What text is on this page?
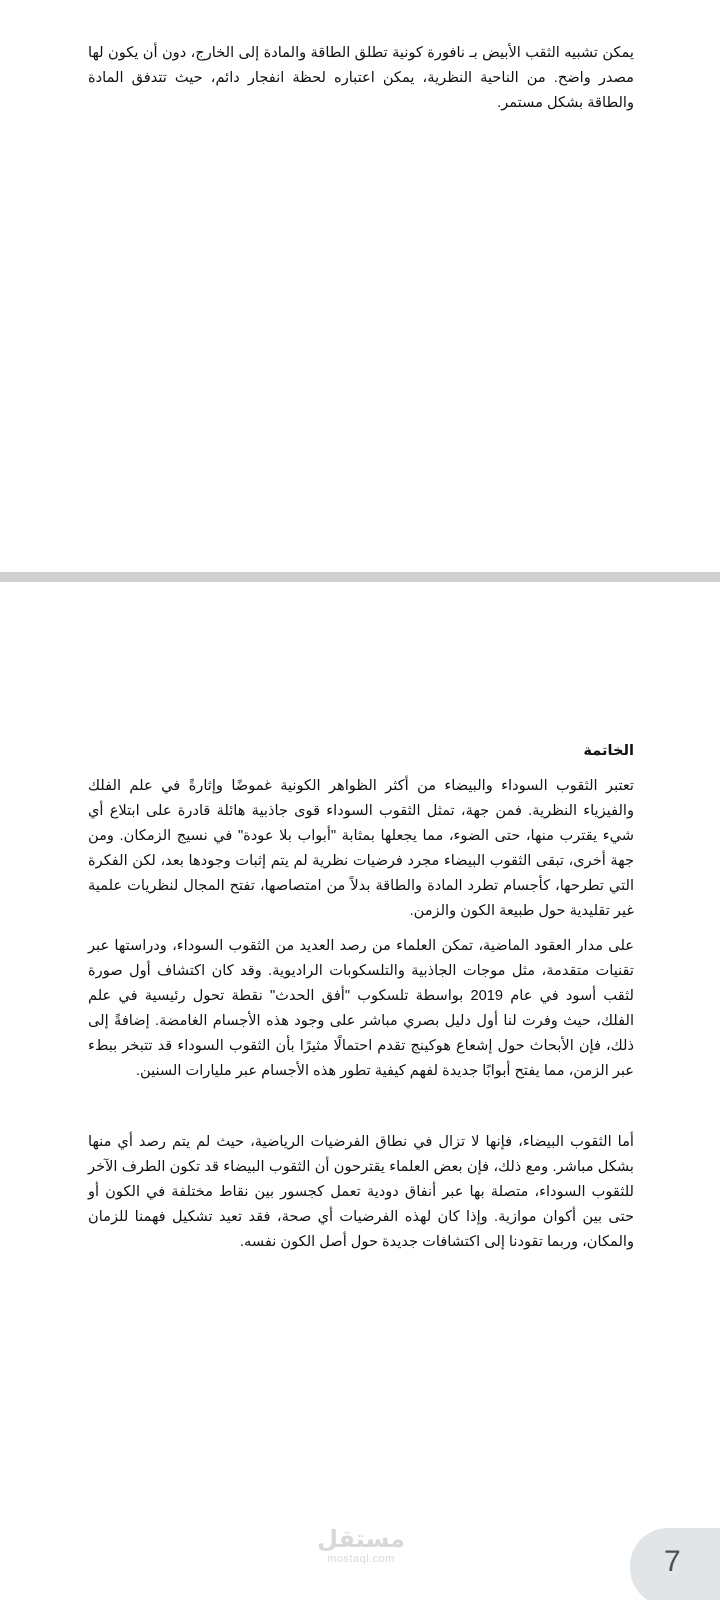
يمكن تشبيه الثقب الأبيض بـ نافورة كونية تطلق الطاقة والمادة إلى الخارج، دون أن يكون لها مصدر واضح. من الناحية النظرية، يمكن اعتباره لحظة انفجار دائم، حيث تتدفق المادة والطاقة بشكل مستمر.

الخاتمة

تعتبر الثقوب السوداء والبيضاء من أكثر الظواهر الكونية غموضًا وإثارةً في علم الفلك والفيزياء النظرية. فمن جهة، تمثل الثقوب السوداء قوى جاذبية هائلة قادرة على ابتلاع أي شيء يقترب منها، حتى الضوء، مما يجعلها بمثابة "أبواب بلا عودة" في نسيج الزمكان. ومن جهة أخرى، تبقى الثقوب البيضاء مجرد فرضيات نظرية لم يتم إثبات وجودها بعد، لكن الفكرة التي تطرحها، كأجسام تطرد المادة والطاقة بدلاً من امتصاصها، تفتح المجال لنظريات علمية غير تقليدية حول طبيعة الكون والزمن.

على مدار العقود الماضية، تمكن العلماء من رصد العديد من الثقوب السوداء، ودراستها عبر تقنيات متقدمة، مثل موجات الجاذبية والتلسكوبات الراديوية. وقد كان اكتشاف أول صورة لثقب أسود في عام 2019 بواسطة تلسكوب "أفق الحدث" نقطة تحول رئيسية في علم الفلك، حيث وفرت لنا أول دليل بصري مباشر على وجود هذه الأجسام الغامضة. إضافةً إلى ذلك، فإن الأبحاث حول إشعاع هوكينج تقدم احتمالًا مثيرًا بأن الثقوب السوداء قد تتبخر ببطء عبر الزمن، مما يفتح أبوابًا جديدة لفهم كيفية تطور هذه الأجسام عبر مليارات السنين.

أما الثقوب البيضاء، فإنها لا تزال في نطاق الفرضيات الرياضية، حيث لم يتم رصد أي منها بشكل مباشر. ومع ذلك، فإن بعض العلماء يقترحون أن الثقوب البيضاء قد تكون الطرف الآخر للثقوب السوداء، متصلة بها عبر أنفاق دودية تعمل كجسور بين نقاط مختلفة في الكون أو حتى بين أكوان موازية. وإذا كان لهذه الفرضيات أي صحة، فقد تعيد تشكيل فهمنا للزمان والمكان، وربما تقودنا إلى اكتشافات جديدة حول أصل الكون نفسه.

مستقل
mostaql.com	7
